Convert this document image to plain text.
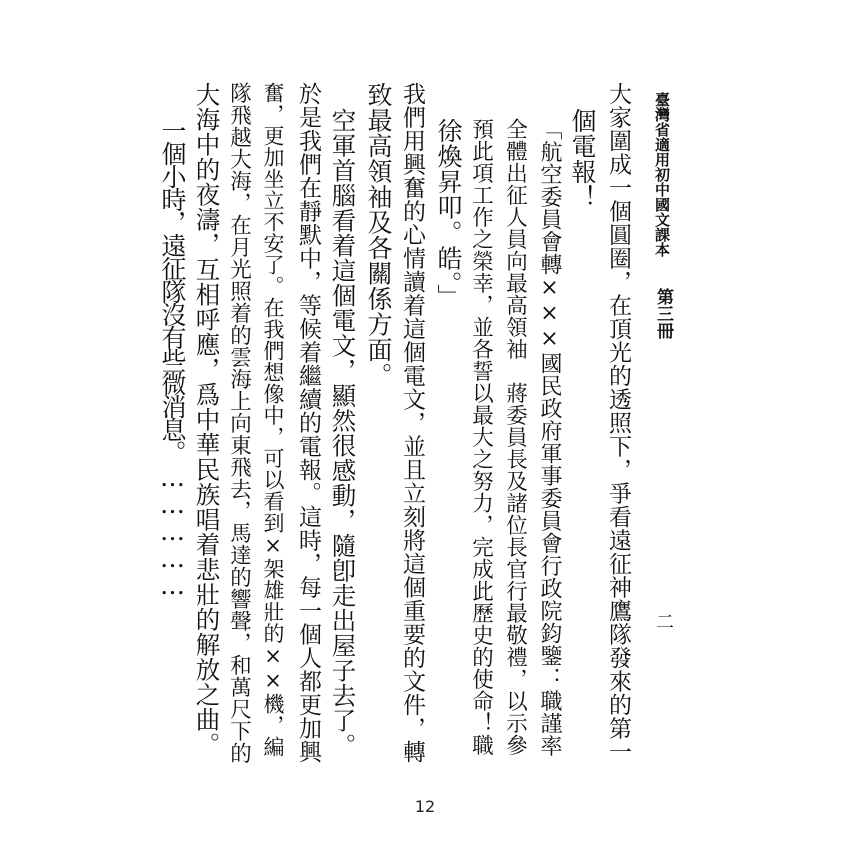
臺灣省適用初中國文課本
第三冊
二
大家圍成一個圓圈，在頂光的透照下，爭看遠征神鷹隊發來的第一
個電報！
「航空委員會轉×××國民政府軍事委員會行政院鈞鑒：職謹率
全體出征人員向最高領袖　蔣委員長及諸位長官行最敬禮，以示參
預此項工作之榮幸，並各誓以最大之努力，完成此歷史的使命！職
徐煥昇叩。皓。」
我們用興奮的心情讀着這個電文，並且立刻將這個重要的文件，轉
致最高領袖及各關係方面。
空軍首腦看着這個電文，顯然很感動，隨卽走出屋子去了。
於是我們在靜默中，等候着繼續的電報。這時，每一個人都更加興
奮，更加坐立不安了。在我們想像中，可以看到×架雄壯的××機，編
隊飛越大海，在月光照着的雲海上向東飛去，馬達的響聲，和萬尺下的
大海中的夜濤，互相呼應，爲中華民族唱着悲壯的解放之曲。
一個小時，遠征隊沒有些微消息。……………
12
